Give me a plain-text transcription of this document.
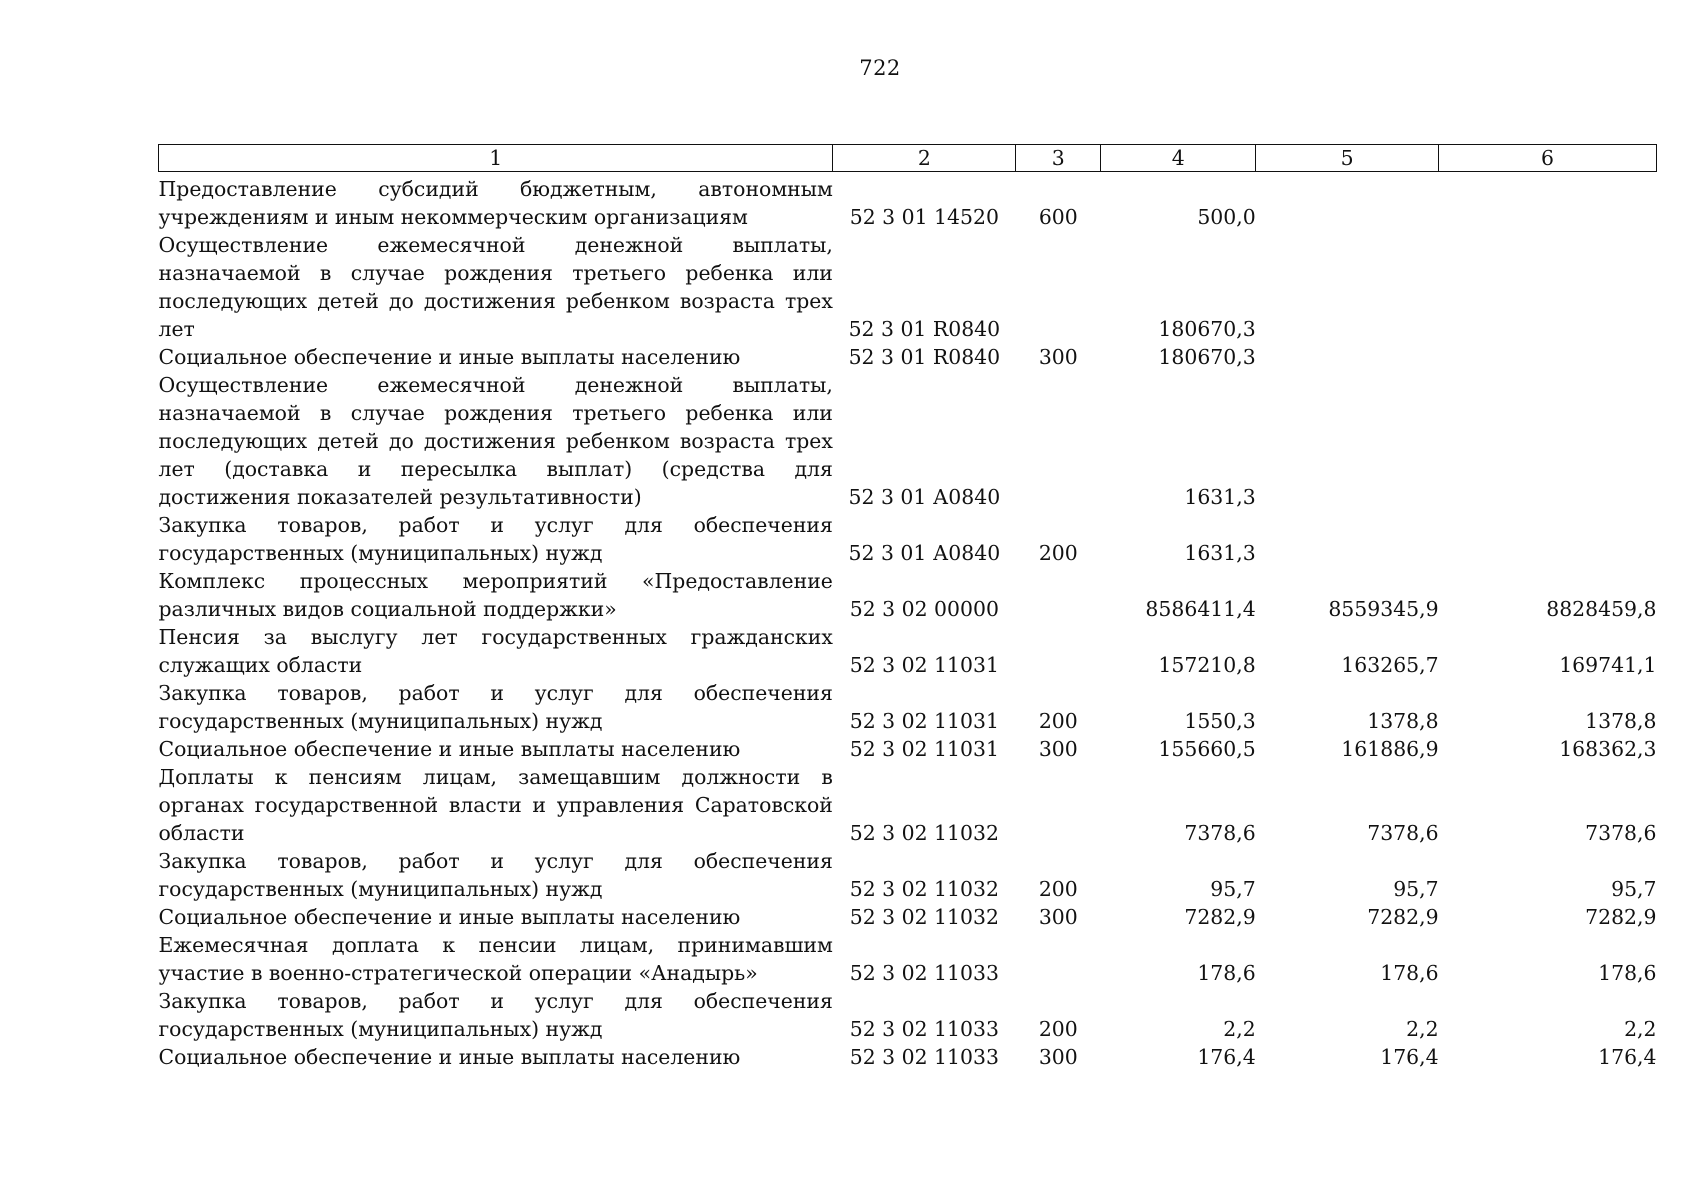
722
1	2	3	4	5	6
Предоставление субсидий бюджетным, автономным учреждениям и иным некоммерческим организациям	52 3 01 14520	600	500,0		
Осуществление ежемесячной денежной выплаты, назначаемой в случае рождения третьего ребенка или последующих детей до достижения ребенком возраста трех лет	52 3 01 R0840		180670,3		
Социальное обеспечение и иные выплаты населению	52 3 01 R0840	300	180670,3		
Осуществление ежемесячной денежной выплаты, назначаемой в случае рождения третьего ребенка или последующих детей до достижения ребенком возраста трех лет (доставка и пересылка выплат) (средства для достижения показателей результативности)	52 3 01 А0840		1631,3		
Закупка товаров, работ и услуг для обеспечения государственных (муниципальных) нужд	52 3 01 А0840	200	1631,3		
Комплекс процессных мероприятий «Предоставление различных видов социальной поддержки»	52 3 02 00000		8586411,4	8559345,9	8828459,8
Пенсия за выслугу лет государственных гражданских служащих области	52 3 02 11031		157210,8	163265,7	169741,1
Закупка товаров, работ и услуг для обеспечения государственных (муниципальных) нужд	52 3 02 11031	200	1550,3	1378,8	1378,8
Социальное обеспечение и иные выплаты населению	52 3 02 11031	300	155660,5	161886,9	168362,3
Доплаты к пенсиям лицам, замещавшим должности в органах государственной власти и управления Саратовской области	52 3 02 11032		7378,6	7378,6	7378,6
Закупка товаров, работ и услуг для обеспечения государственных (муниципальных) нужд	52 3 02 11032	200	95,7	95,7	95,7
Социальное обеспечение и иные выплаты населению	52 3 02 11032	300	7282,9	7282,9	7282,9
Ежемесячная доплата к пенсии лицам, принимавшим участие в военно-стратегической операции «Анадырь»	52 3 02 11033		178,6	178,6	178,6
Закупка товаров, работ и услуг для обеспечения государственных (муниципальных) нужд	52 3 02 11033	200	2,2	2,2	2,2
Социальное обеспечение и иные выплаты населению	52 3 02 11033	300	176,4	176,4	176,4
